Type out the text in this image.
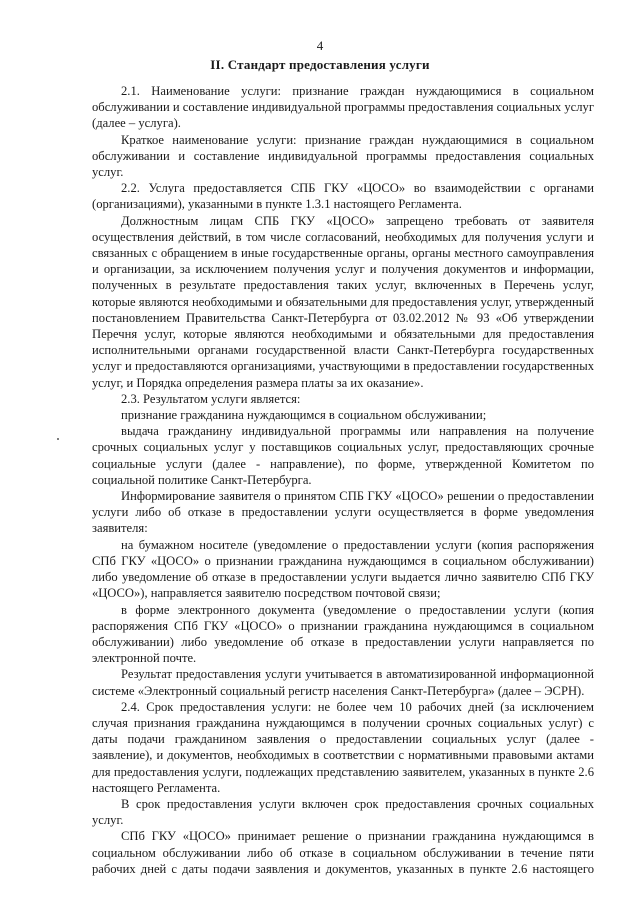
4
II. Стандарт предоставления услуги

2.1. Наименование услуги: признание граждан нуждающимися в социальном обслуживании и составление индивидуальной программы предоставления социальных услуг (далее – услуга).

Краткое наименование услуги: признание граждан нуждающимися в социальном обслуживании и составление индивидуальной программы предоставления социальных услуг.

2.2. Услуга предоставляется СПБ ГКУ «ЦОСО» во взаимодействии с органами (организациями), указанными в пункте 1.3.1 настоящего Регламента.

Должностным лицам СПБ ГКУ «ЦОСО» запрещено требовать от заявителя осуществления действий, в том числе согласований, необходимых для получения услуги и связанных с обращением в иные государственные органы, органы местного самоуправления и организации, за исключением получения услуг и получения документов и информации, полученных в результате предоставления таких услуг, включенных в Перечень услуг, которые являются необходимыми и обязательными для предоставления услуг, утвержденный постановлением Правительства Санкт-Петербурга от 03.02.2012 № 93 «Об утверждении Перечня услуг, которые являются необходимыми и обязательными для предоставления исполнительными органами государственной власти Санкт-Петербурга государственных услуг и предоставляются организациями, участвующими в предоставлении государственных услуг, и Порядка определения размера платы за их оказание».

2.3. Результатом услуги является:

признание гражданина нуждающимся в социальном обслуживании;

выдача гражданину индивидуальной программы или направления на получение срочных социальных услуг у поставщиков социальных услуг, предоставляющих срочные социальные услуги (далее - направление), по форме, утвержденной Комитетом по социальной политике Санкт-Петербурга.

Информирование заявителя о принятом СПБ ГКУ «ЦОСО» решении о предоставлении услуги либо об отказе в предоставлении услуги осуществляется в форме уведомления заявителя:

на бумажном носителе (уведомление о предоставлении услуги (копия распоряжения СПб ГКУ «ЦОСО» о признании гражданина нуждающимся в социальном обслуживании) либо уведомление об отказе в предоставлении услуги выдается лично заявителю СПб ГКУ «ЦОСО»), направляется заявителю посредством почтовой связи;

в форме электронного документа (уведомление о предоставлении услуги (копия распоряжения СПб ГКУ «ЦОСО» о признании гражданина нуждающимся в социальном обслуживании) либо уведомление об отказе в предоставлении услуги направляется по электронной почте.

Результат предоставления услуги учитывается в автоматизированной информационной системе «Электронный социальный регистр населения Санкт-Петербурга» (далее – ЭСРН).

2.4. Срок предоставления услуги: не более чем 10 рабочих дней (за исключением случая признания гражданина нуждающимся в получении срочных социальных услуг) с даты подачи гражданином заявления о предоставлении социальных услуг (далее - заявление), и документов, необходимых в соответствии с нормативными правовыми актами для предоставления услуги, подлежащих представлению заявителем, указанных в пункте 2.6 настоящего Регламента.

В срок предоставления услуги включен срок предоставления срочных социальных услуг.

СПб ГКУ «ЦОСО» принимает решение о признании гражданина нуждающимся в социальном обслуживании либо об отказе в социальном обслуживании в течение пяти рабочих дней с даты подачи заявления и документов, указанных в пункте 2.6 настоящего
